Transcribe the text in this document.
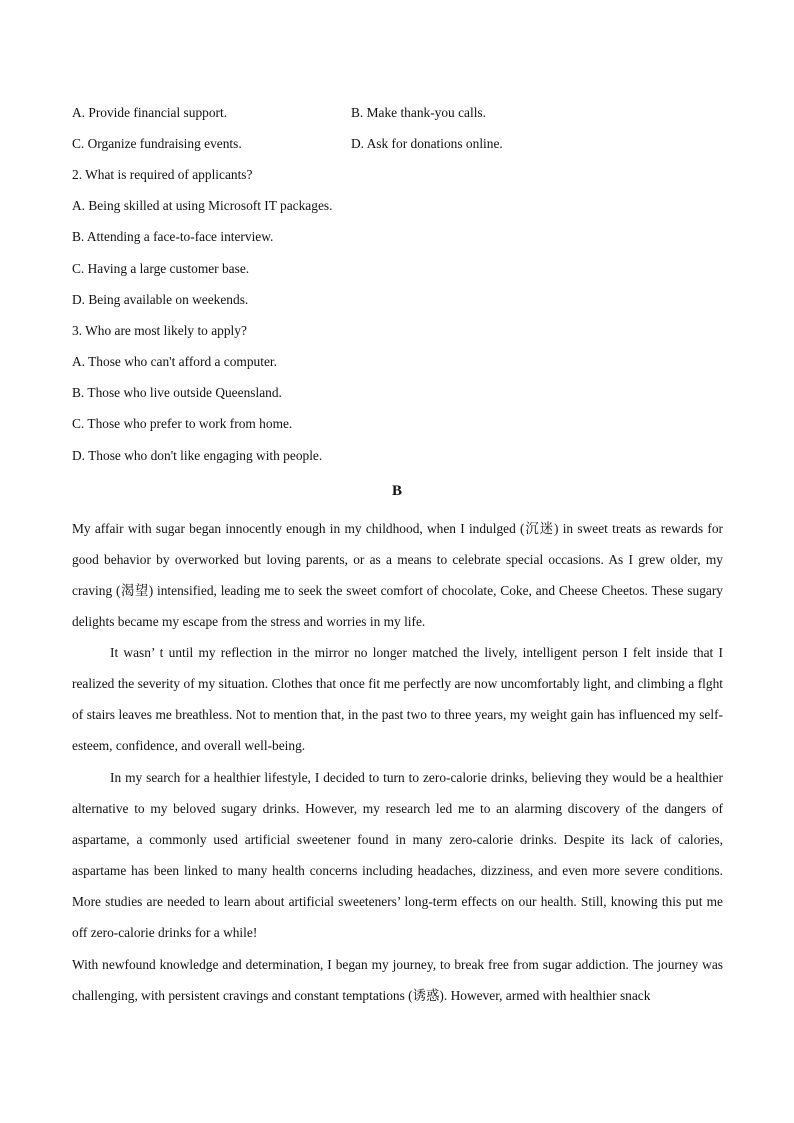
A. Provide financial support.	B. Make thank-you calls.
C. Organize fundraising events.	D. Ask for donations online.
2. What is required of applicants?
A. Being skilled at using Microsoft IT packages.
B. Attending a face-to-face interview.
C. Having a large customer base.
D. Being available on weekends.
3. Who are most likely to apply?
A. Those who can't afford a computer.
B. Those who live outside Queensland.
C. Those who prefer to work from home.
D. Those who don't like engaging with people.
B

My affair with sugar began innocently enough in my childhood, when I indulged (沉迷) in sweet treats as rewards for good behavior by overworked but loving parents, or as a means to celebrate special occasions. As I grew older, my craving (渴望) intensified, leading me to seek the sweet comfort of chocolate, Coke, and Cheese Cheetos. These sugary delights became my escape from the stress and worries in my life.

It wasn’ t until my reflection in the mirror no longer matched the lively, intelligent person I felt inside that I realized the severity of my situation. Clothes that once fit me perfectly are now uncomfortably light, and climbing a flght of stairs leaves me breathless. Not to mention that, in the past two to three years, my weight gain has influenced my self-esteem, confidence, and overall well-being.

In my search for a healthier lifestyle, I decided to turn to zero-calorie drinks, believing they would be a healthier alternative to my beloved sugary drinks. However, my research led me to an alarming discovery of the dangers of aspartame, a commonly used artificial sweetener found in many zero-calorie drinks. Despite its lack of calories, aspartame has been linked to many health concerns including headaches, dizziness, and even more severe conditions. More studies are needed to learn about artificial sweeteners’ long-term effects on our health. Still, knowing this put me off zero-calorie drinks for a while!

With newfound knowledge and determination, I began my journey, to break free from sugar addiction. The journey was challenging, with persistent cravings and constant temptations (诱惑). However, armed with healthier snack
